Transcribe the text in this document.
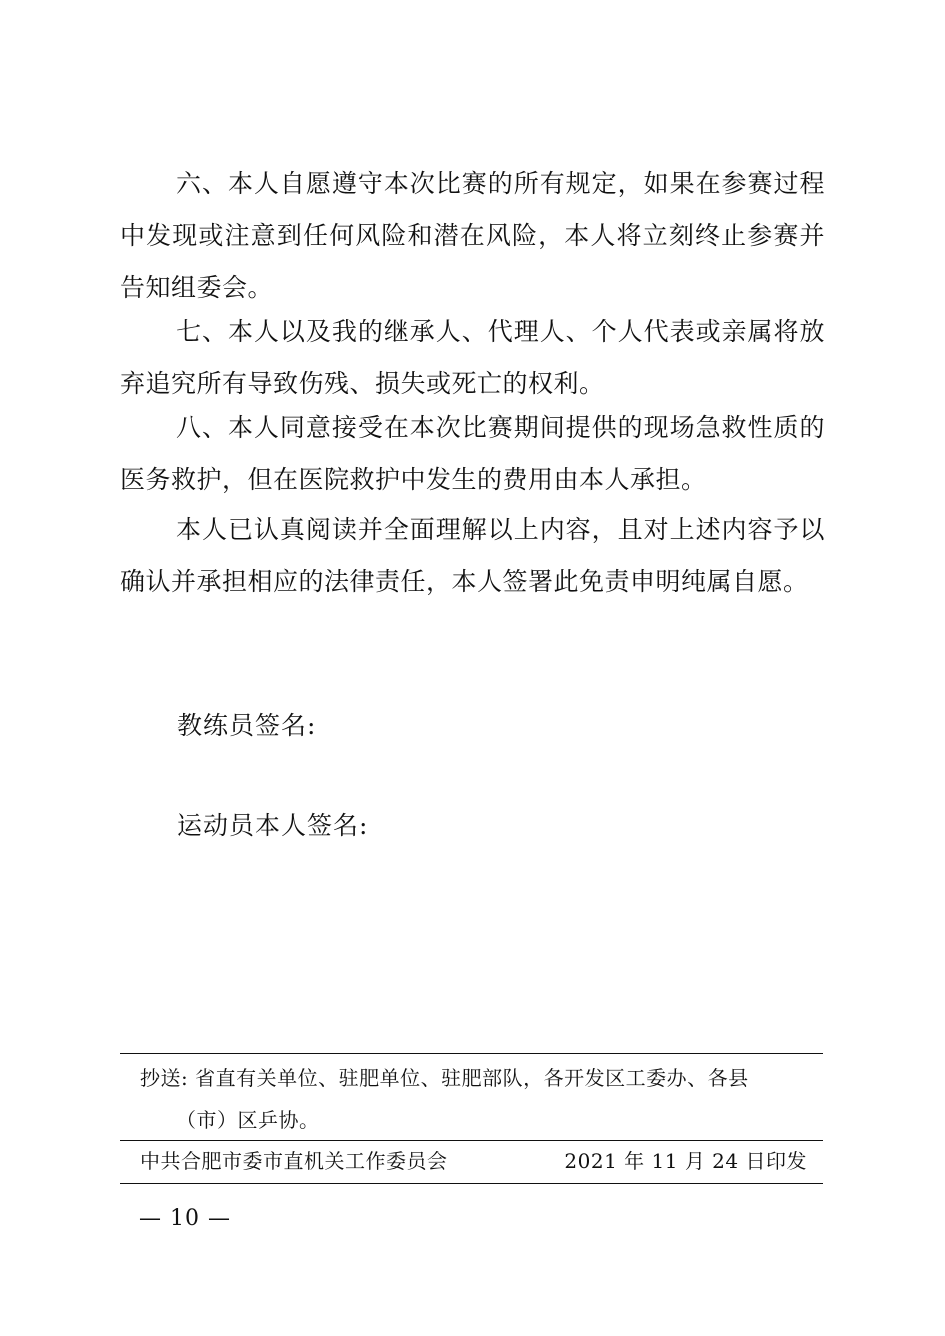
六、本人自愿遵守本次比赛的所有规定，如果在参赛过程中发现或注意到任何风险和潜在风险，本人将立刻终止参赛并告知组委会。

七、本人以及我的继承人、代理人、个人代表或亲属将放弃追究所有导致伤残、损失或死亡的权利。

八、本人同意接受在本次比赛期间提供的现场急救性质的医务救护，但在医院救护中发生的费用由本人承担。

本人已认真阅读并全面理解以上内容，且对上述内容予以确认并承担相应的法律责任，本人签署此免责申明纯属自愿。

教练员签名:

运动员本人签名:

抄送: 省直有关单位、驻肥单位、驻肥部队，各开发区工委办、各县
（市）区乒协。

中共合肥市委市直机关工作委员会	2021 年 11 月 24 日印发

— 10 —
